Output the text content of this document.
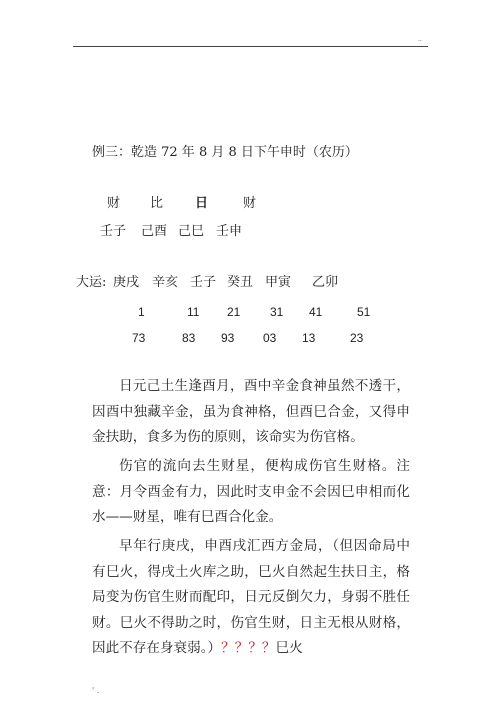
..
例三：乾造 72 年 8 月 8 日下午申时（农历）
财 比 日	财
壬子 己酉 己巳 壬申
大运: 庚戌 辛亥 壬子 癸丑 甲寅 乙卯
1	11 21 31 41	51
73	83 93 03 13	23
日元己土生逢酉月，酉中辛金食神虽然不透干，因酉中独藏辛金，虽为食神格，但酉巳合金，又得申金扶助，食多为伤的原则，该命实为伤官格。
伤官的流向去生财星，便构成伤官生财格。注意：月令酉金有力，因此时支申金不会因巳申相而化水——财星，唯有巳酉合化金。
早年行庚戌，申酉戌汇西方金局，（但因命局中有巳火，得戌土火库之助，巳火自然起生扶日主，格局变为伤官生财而配印，日元反倒欠力，身弱不胜任财。巳火不得助之时，伤官生财，日主无根从财格，因此不存在身衰弱。）？？？？巳火
' .
